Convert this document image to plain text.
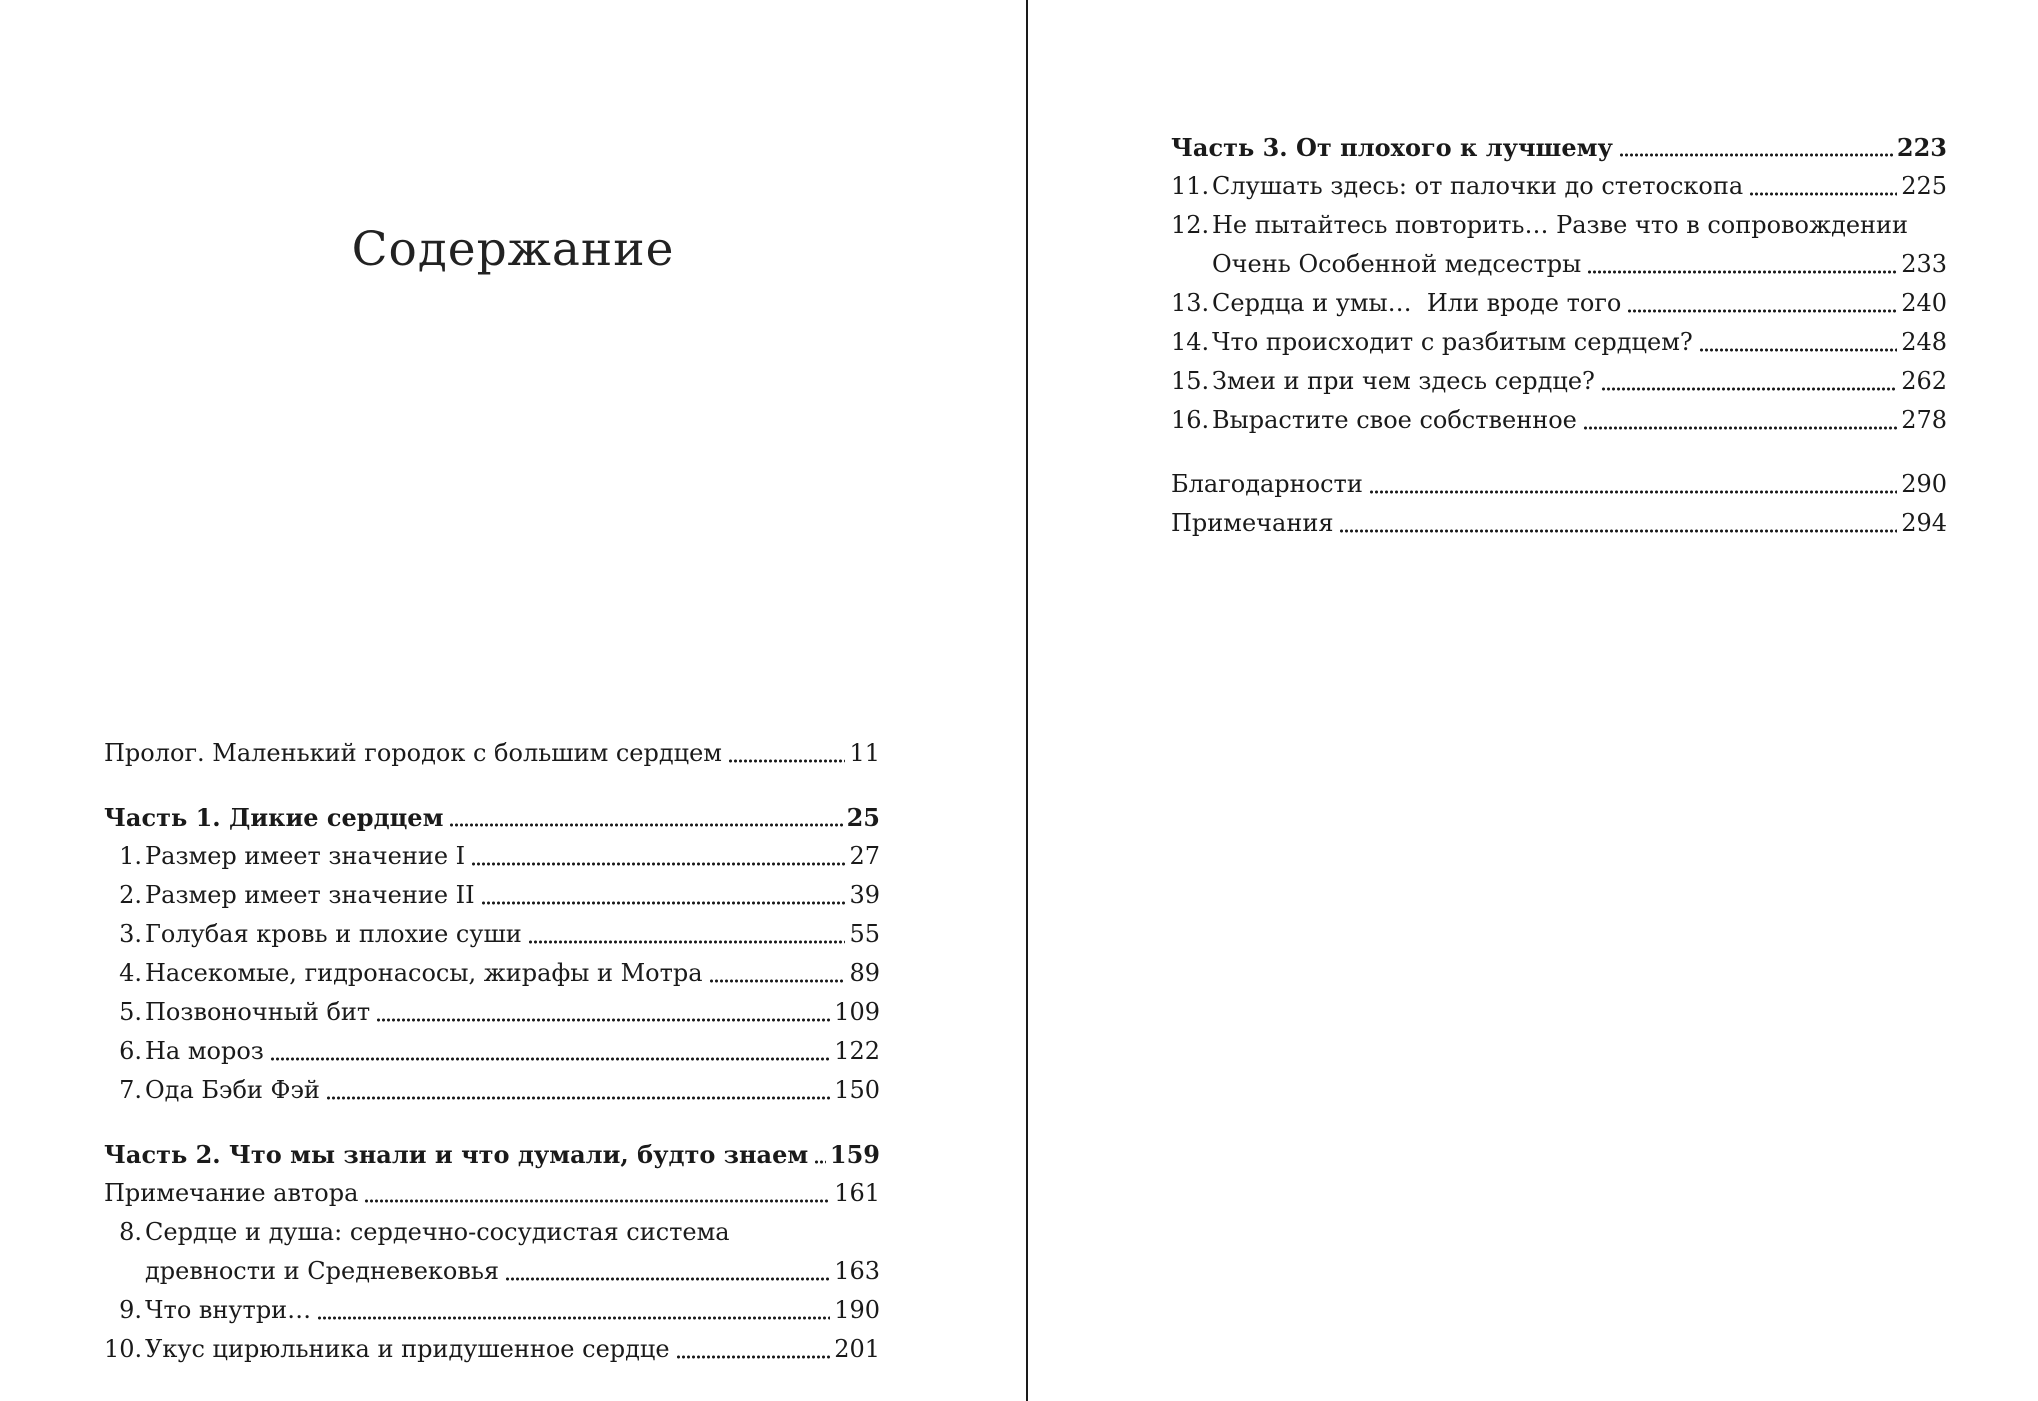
Содержание
Пролог. Маленький городок с большим сердцем	11
Часть 1. Дикие сердцем	25
1. Размер имеет значение I	27
2. Размер имеет значение II	39
3. Голубая кровь и плохие суши	55
4. Насекомые, гидронасосы, жирафы и Мотра	89
5. Позвоночный бит	109
6. На мороз	122
7. Ода Бэби Фэй	150
Часть 2. Что мы знали и что думали, будто знаем 159
Примечание автора	161
8. Сердце и душа: сердечно-сосудистая система
древности и Средневековья	163
9. Что внутри…	190
10. Укус цирюльника и придушенное сердце	201
Часть 3. От плохого к лучшему	223
11. Слушать здесь: от палочки до стетоскопа	225
12. Не пытайтесь повторить… Разве что в сопровождении
Очень Особенной медсестры	233
13. Сердца и умы…  Или вроде того	240
14. Что происходит с разбитым сердцем?	248
15. Змеи и при чем здесь сердце?	262
16. Вырастите свое собственное	278
Благодарности	290
Примечания	294
